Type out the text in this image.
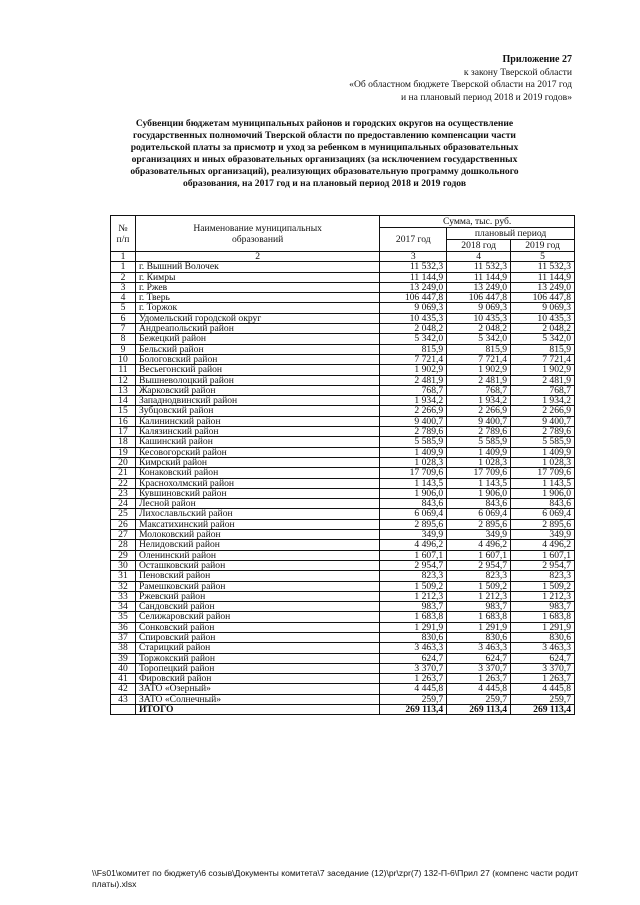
Приложение 27
к закону Тверской области
«Об областном бюджете Тверской области на 2017 год
и на плановый период 2018 и 2019 годов»
Субвенции бюджетам муниципальных районов и городских округов на осуществление государственных полномочий Тверской области по предоставлению компенсации части родительской платы за присмотр и уход за ребенком в муниципальных образовательных организациях и иных образовательных организациях (за исключением государственных образовательных организаций), реализующих образовательную программу дошкольного образования, на 2017 год и на плановый период 2018 и 2019 годов
№ п/п	Наименование муниципальных образований	Сумма, тыс. руб.		
		2017 год	плановый период	
			2018 год	2019 год
1	2	3	4	5
1	г. Вышний Волочек	11 532,3	11 532,3	11 532,3
2	г. Кимры	11 144,9	11 144,9	11 144,9
3	г. Ржев	13 249,0	13 249,0	13 249,0
4	г. Тверь	106 447,8	106 447,8	106 447,8
5	г. Торжок	9 069,3	9 069,3	9 069,3
6	Удомельский городской округ	10 435,3	10 435,3	10 435,3
7	Андреапольский район	2 048,2	2 048,2	2 048,2
8	Бежецкий район	5 342,0	5 342,0	5 342,0
9	Бельский район	815,9	815,9	815,9
10	Бологовский район	7 721,4	7 721,4	7 721,4
11	Весьегонский район	1 902,9	1 902,9	1 902,9
12	Вышневолоцкий район	2 481,9	2 481,9	2 481,9
13	Жарковский район	768,7	768,7	768,7
14	Западнодвинский район	1 934,2	1 934,2	1 934,2
15	Зубцовский район	2 266,9	2 266,9	2 266,9
16	Калининский район	9 400,7	9 400,7	9 400,7
17	Калязинский район	2 789,6	2 789,6	2 789,6
18	Кашинский район	5 585,9	5 585,9	5 585,9
19	Кесовогорский район	1 409,9	1 409,9	1 409,9
20	Кимрский район	1 028,3	1 028,3	1 028,3
21	Конаковский район	17 709,6	17 709,6	17 709,6
22	Краснохолмский район	1 143,5	1 143,5	1 143,5
23	Кувшиновский район	1 906,0	1 906,0	1 906,0
24	Лесной район	843,6	843,6	843,6
25	Лихославльский район	6 069,4	6 069,4	6 069,4
26	Максатихинский район	2 895,6	2 895,6	2 895,6
27	Молоковский район	349,9	349,9	349,9
28	Нелидовский район	4 496,2	4 496,2	4 496,2
29	Оленинский район	1 607,1	1 607,1	1 607,1
30	Осташковский район	2 954,7	2 954,7	2 954,7
31	Пеновский район	823,3	823,3	823,3
32	Рамешковский район	1 509,2	1 509,2	1 509,2
33	Ржевский район	1 212,3	1 212,3	1 212,3
34	Сандовский район	983,7	983,7	983,7
35	Селижаровский район	1 683,8	1 683,8	1 683,8
36	Сонковский район	1 291,9	1 291,9	1 291,9
37	Спировский район	830,6	830,6	830,6
38	Старицкий район	3 463,3	3 463,3	3 463,3
39	Торжокский район	624,7	624,7	624,7
40	Торопецкий район	3 370,7	3 370,7	3 370,7
41	Фировский район	1 263,7	1 263,7	1 263,7
42	ЗАТО «Озерный»	4 445,8	4 445,8	4 445,8
43	ЗАТО «Солнечный»	259,7	259,7	259,7
	ИТОГО	269 113,4	269 113,4	269 113,4
\\Fs01\комитет по бюджету\6 созыв\Документы комитета\7 заседание (12)\pr\zpr(7) 132-П-6\Прил 27 (компенс части родит платы).xlsx
